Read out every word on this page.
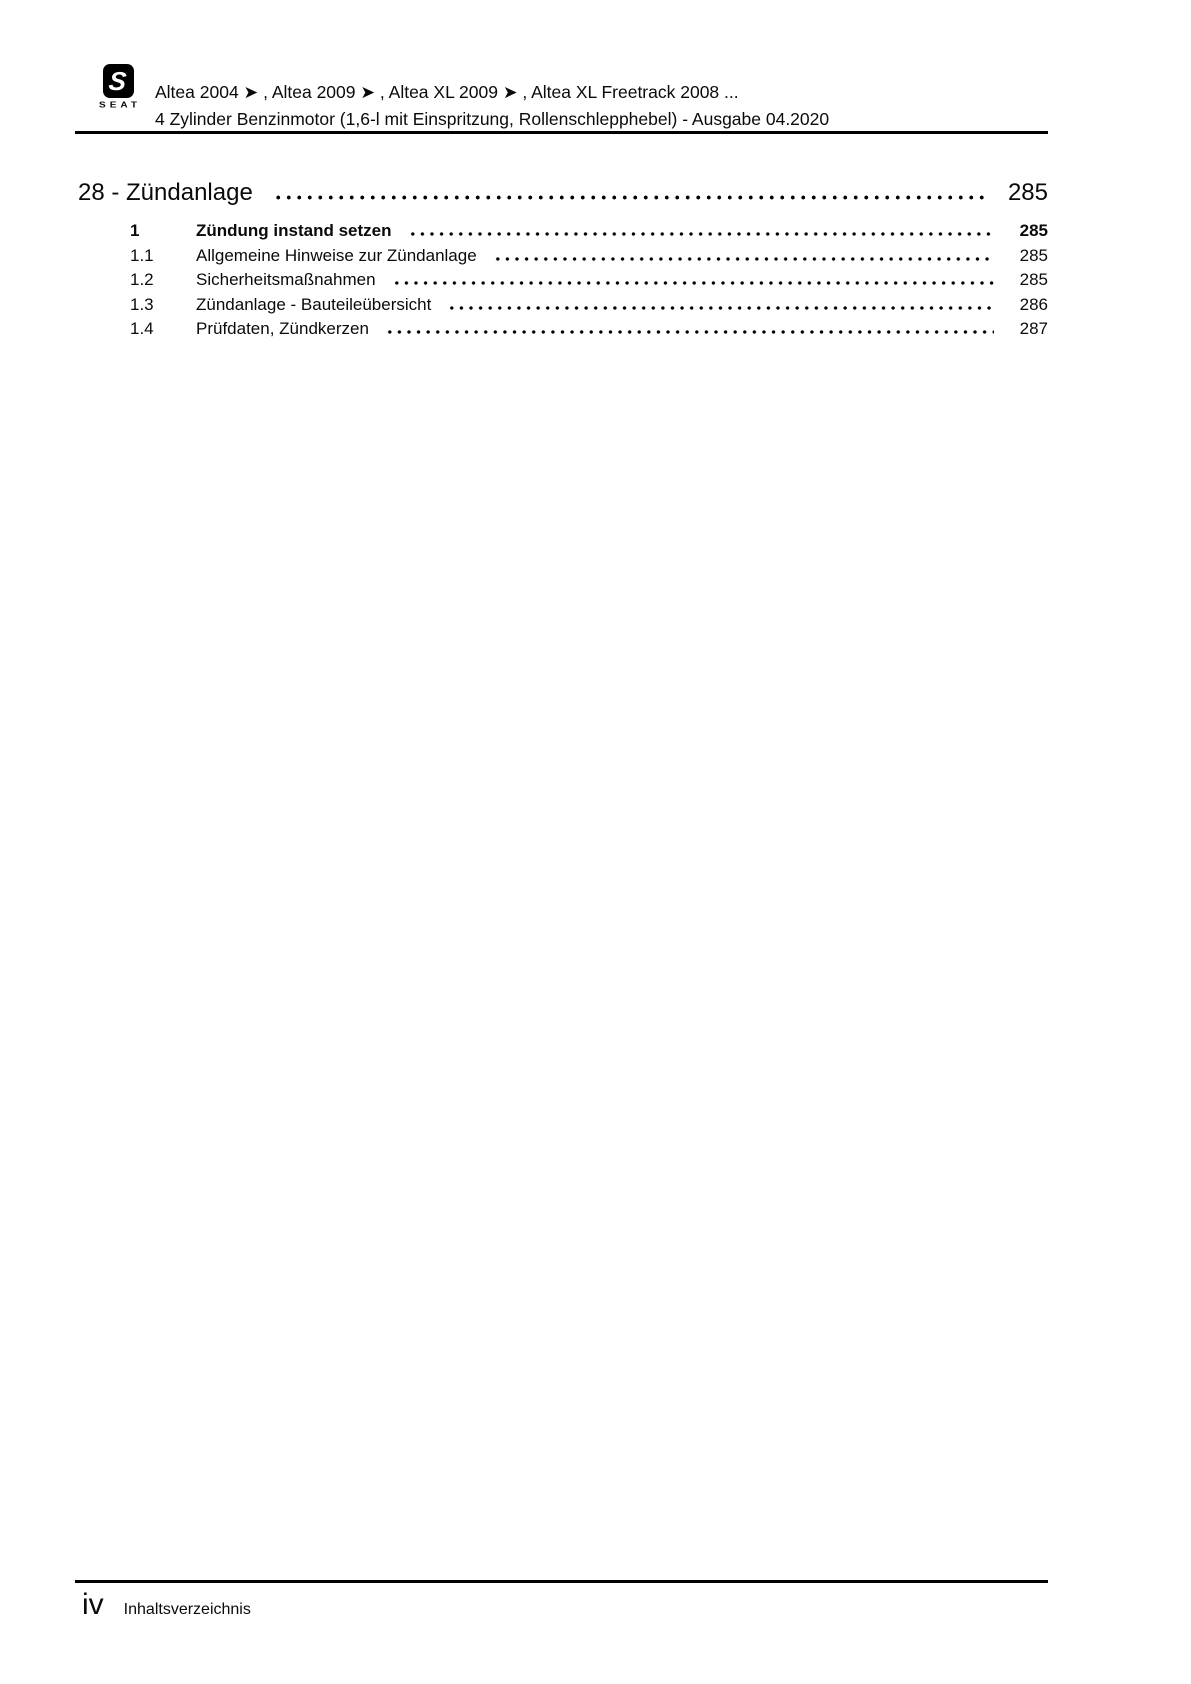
S
SEAT
Altea 2004 ➤ , Altea 2009 ➤ , Altea XL 2009 ➤ , Altea XL Freetrack 2008 ...
4 Zylinder Benzinmotor (1,6-l mit Einspritzung, Rollenschlepphebel) - Ausgabe 04.2020
28 - Zündanlage	285
1	Zündung instand setzen	285
1.1	Allgemeine Hinweise zur Zündanlage	285
1.2	Sicherheitsmaßnahmen	285
1.3	Zündanlage - Bauteileübersicht	286
1.4	Prüfdaten, Zündkerzen	287
iv Inhaltsverzeichnis
